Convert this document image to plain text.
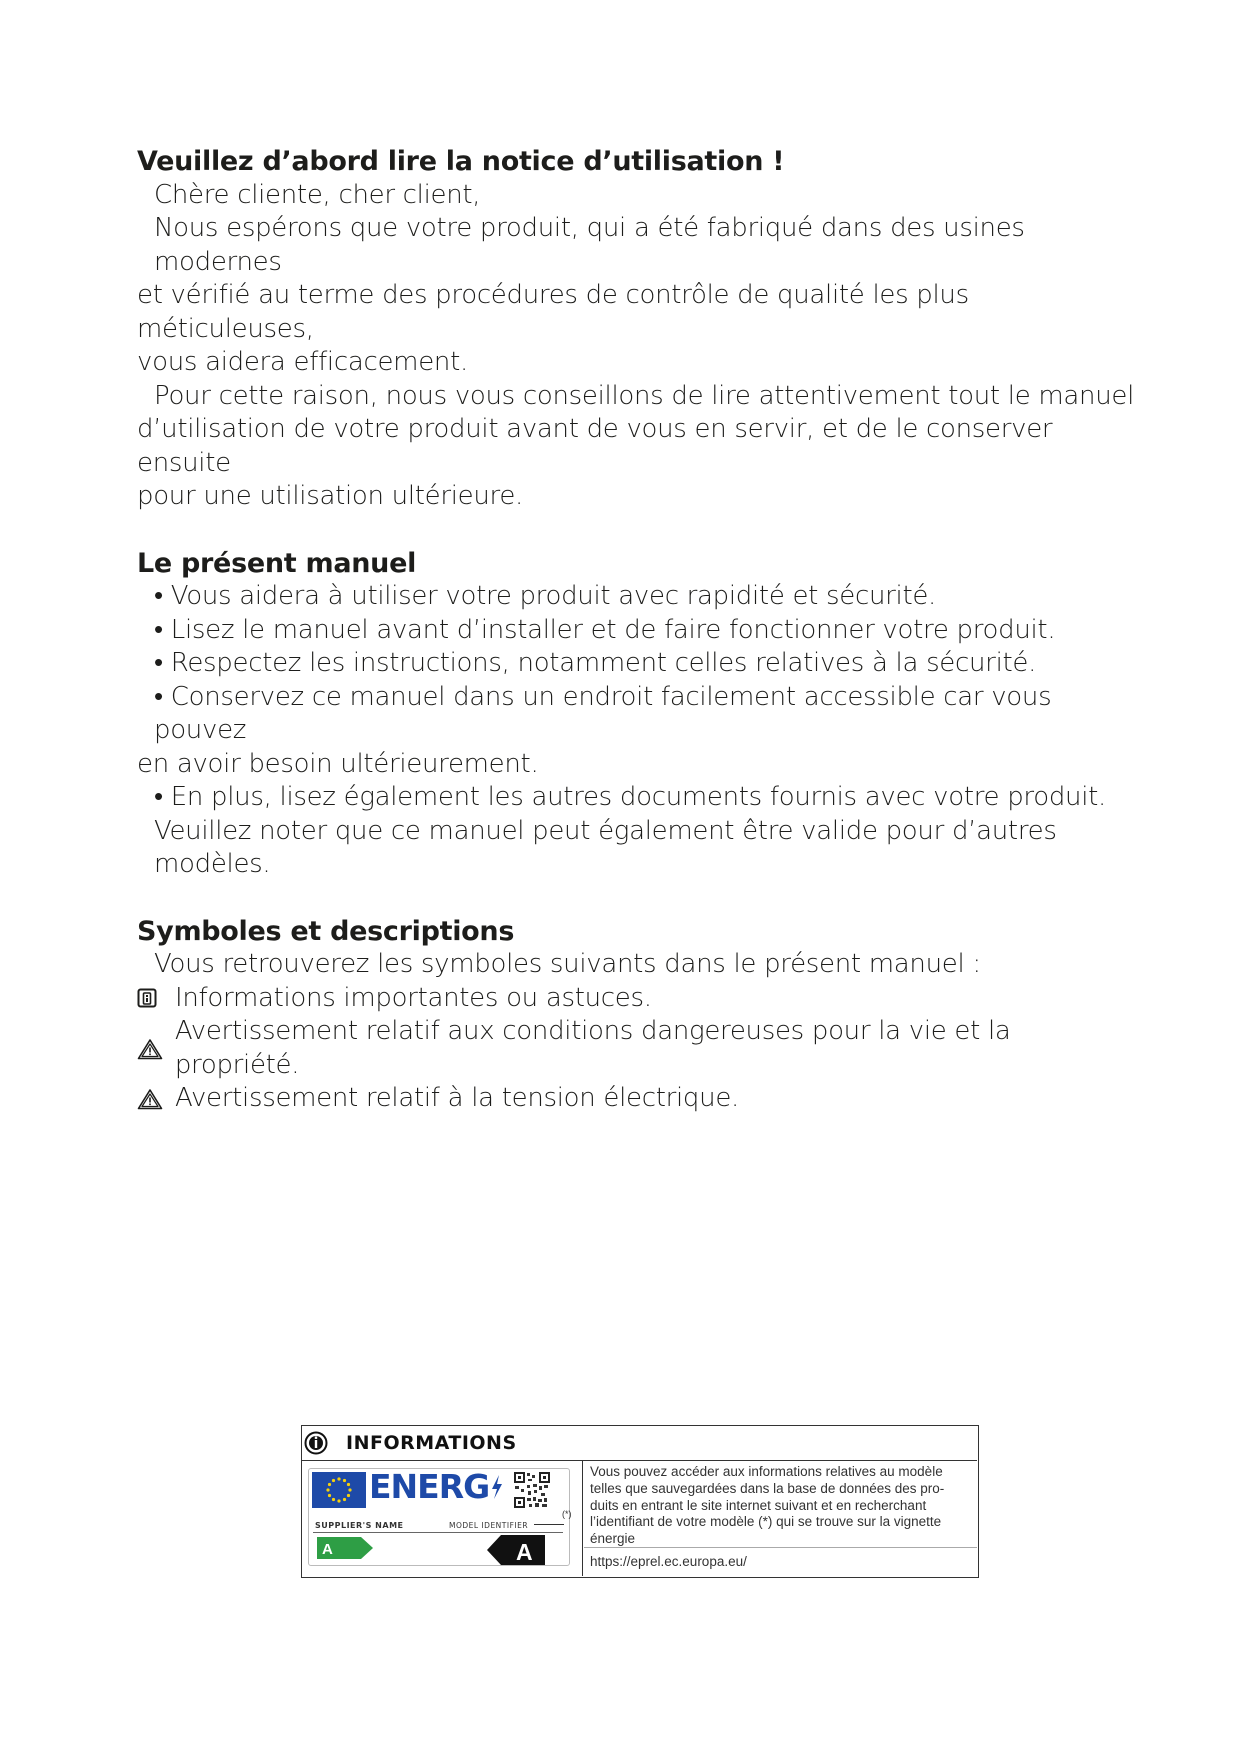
Veuillez d’abord lire la notice d’utilisation !

Chère cliente, cher client,

Nous espérons que votre produit, qui a été fabriqué dans des usines modernes

et vérifié au terme des procédures de contrôle de qualité les plus méticuleuses,

vous aidera efficacement.

Pour cette raison, nous vous conseillons de lire attentivement tout le manuel

d’utilisation de votre produit avant de vous en servir, et de le conserver ensuite

pour une utilisation ultérieure.

Le présent manuel

• Vous aidera à utiliser votre produit avec rapidité et sécurité.

• Lisez le manuel avant d’installer et de faire fonctionner votre produit.

• Respectez les instructions, notamment celles relatives à la sécurité.

• Conservez ce manuel dans un endroit facilement accessible car vous pouvez

en avoir besoin ultérieurement.

• En plus, lisez également les autres documents fournis avec votre produit.

Veuillez noter que ce manuel peut également être valide pour d’autres modèles.

Symboles et descriptions

Vous retrouverez les symboles suivants dans le présent manuel :

Informations importantes ou astuces.

Avertissement relatif aux conditions dangereuses pour la vie et la propriété.

Avertissement relatif à la tension électrique.

INFORMATIONS
ENERG
SUPPLIER'S NAME	MODEL IDENTIFIER
A	A
(*)
Vous pouvez accéder aux informations relatives au modèle
telles que sauvegardées dans la base de données des pro-
duits en entrant le site internet suivant et en recherchant
l’identifiant de votre modèle (*) qui se trouve sur la vignette
énergie
https://eprel.ec.europa.eu/
